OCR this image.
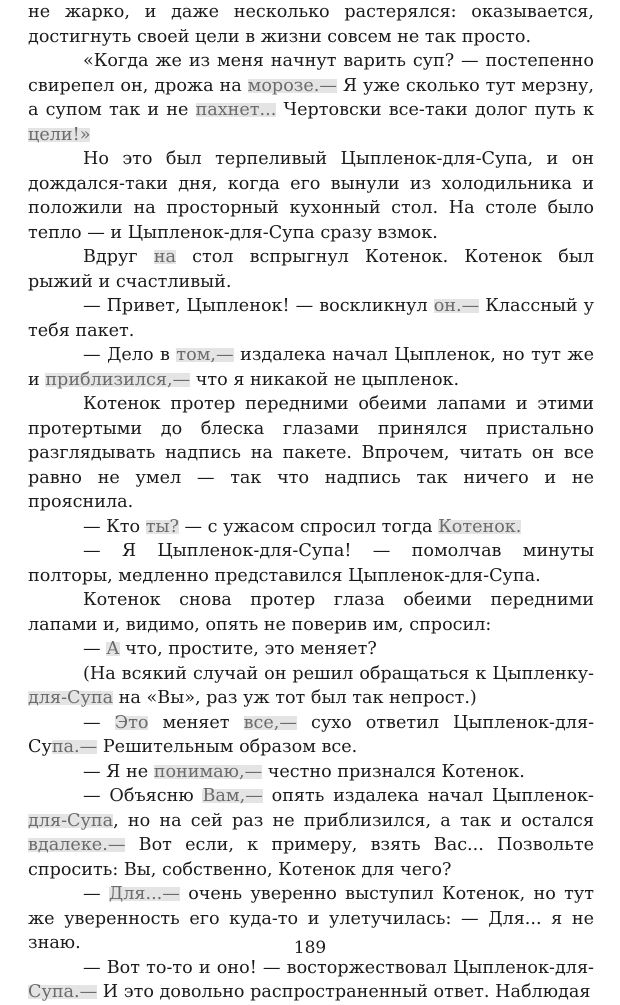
не жарко, и даже несколько растерялся: оказывается, достигнуть своей цели в жизни совсем не так просто.

«Когда же из меня начнут варить суп? — постепенно свирепел он, дрожа на морозе.— Я уже сколько тут мерзну, а супом так и не пахнет... Чертовски все-таки долог путь к цели!»

Но это был терпеливый Цыпленок-для-Супа, и он дождался-таки дня, когда его вынули из холодильника и положили на просторный кухонный стол. На столе было тепло — и Цыпленок-для-Супа сразу взмок.

Вдруг на стол вспрыгнул Котенок. Котенок был рыжий и счастливый.

— Привет, Цыпленок! — воскликнул он.— Классный у тебя пакет.

— Дело в том,— издалека начал Цыпленок, но тут же и приблизился,— что я никакой не цыпленок.

Котенок протер передними обеими лапами и этими протертыми до блеска глазами принялся пристально разглядывать надпись на пакете. Впрочем, читать он все равно не умел — так что надпись так ничего и не прояснила.

— Кто ты? — с ужасом спросил тогда Котенок.

— Я Цыпленок-для-Супа! — помолчав минуты полторы, медленно представился Цыпленок-для-Супа.

Котенок снова протер глаза обеими передними лапами и, видимо, опять не поверив им, спросил:

— А что, простите, это меняет?

(На всякий случай он решил обращаться к Цыпленку-для-Супа на «Вы», раз уж тот был так непрост.)

— Это меняет все,— сухо ответил Цыпленок-для-Супа.— Решительным образом все.

— Я не понимаю,— честно признался Котенок.

— Объясню Вам,— опять издалека начал Цыпленок-для-Супа, но на сей раз не приблизился, а так и остался вдалеке.— Вот если, к примеру, взять Вас... Позвольте спросить: Вы, собственно, Котенок для чего?

— Для...— очень уверенно выступил Котенок, но тут же уверенность его куда-то и улетучилась: — Для... я не знаю.

— Вот то-то и оно! — восторжествовал Цыпленок-для-Супа.— И это довольно распространенный ответ. Наблюдая

189
